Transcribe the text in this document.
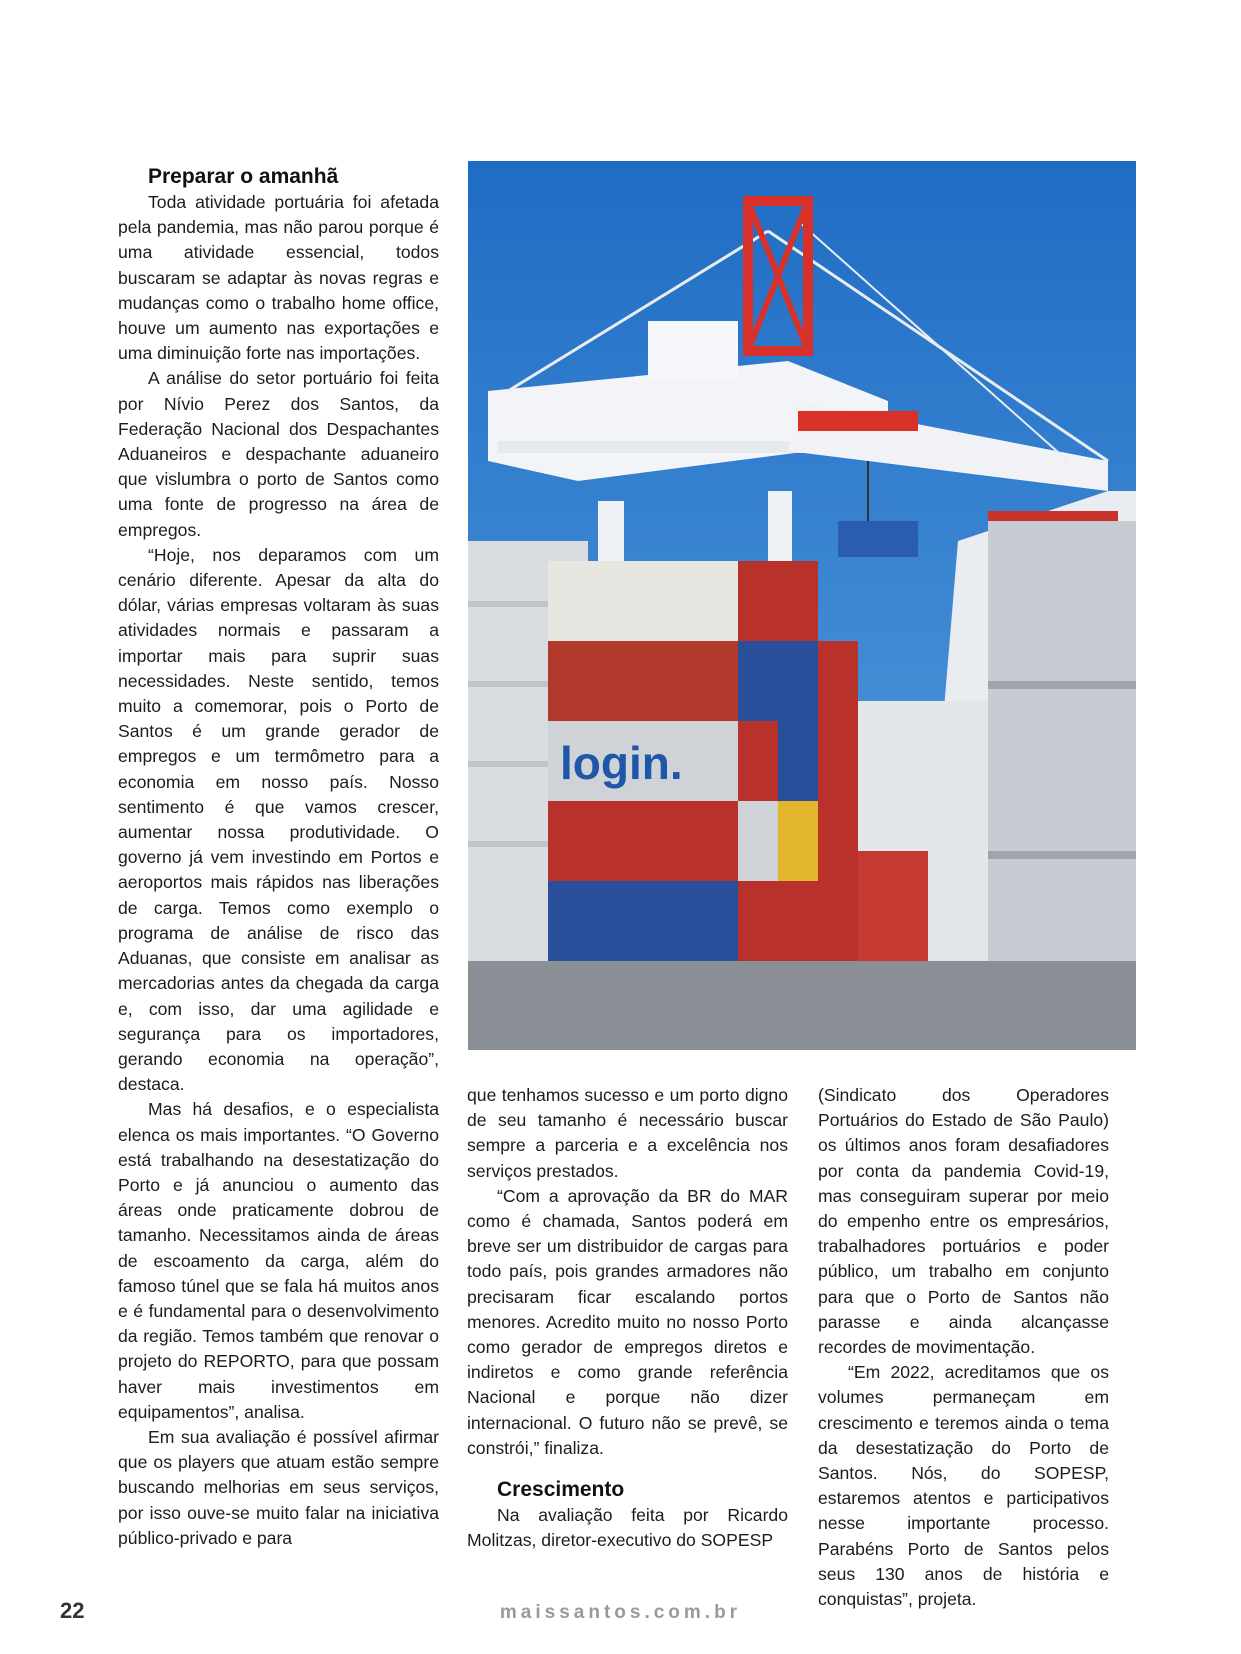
Preparar o amanhã

Toda atividade portuária foi afetada pela pandemia, mas não parou porque é uma atividade essencial, todos buscaram se adaptar às novas regras e mudanças como o trabalho home office, houve um aumento nas exportações e uma diminuição forte nas importações.

A análise do setor portuário foi feita por Nívio Perez dos Santos, da Federação Nacional dos Despachantes Aduaneiros e despachante aduaneiro que vislumbra o porto de Santos como uma fonte de progresso na área de empregos.

“Hoje, nos deparamos com um cenário diferente. Apesar da alta do dólar, várias empresas voltaram às suas atividades normais e passaram a importar mais para suprir suas necessidades. Neste sentido, temos muito a comemorar, pois o Porto de Santos é um grande gerador de empregos e um termômetro para a economia em nosso país. Nosso sentimento é que vamos crescer, aumentar nossa produtividade. O governo já vem investindo em Portos e aeroportos mais rápidos nas liberações de carga. Temos como exemplo o programa de análise de risco das Aduanas, que consiste em analisar as mercadorias antes da chegada da carga e, com isso, dar uma agilidade e segurança para os importadores, gerando economia na operação”, destaca.

Mas há desafios, e o especialista elenca os mais importantes. “O Governo está trabalhando na desestatização do Porto e já anunciou o aumento das áreas onde praticamente dobrou de tamanho. Necessitamos ainda de áreas de escoamento da carga, além do famoso túnel que se fala há muitos anos e é fundamental para o desenvolvimento da região. Temos também que renovar o projeto do REPORTO, para que possam haver mais investimentos em equipamentos”, analisa.

Em sua avaliação é possível afirmar que os players que atuam estão sempre buscando melhorias em seus serviços, por isso ouve-se muito falar na iniciativa público-privado e para

login.

que tenhamos sucesso e um porto digno de seu tamanho é necessário buscar sempre a parceria e a excelência nos serviços prestados.

“Com a aprovação da BR do MAR como é chamada, Santos poderá em breve ser um distribuidor de cargas para todo país, pois grandes armadores não precisaram ficar escalando portos menores. Acredito muito no nosso Porto como gerador de empregos diretos e indiretos e como grande referência Nacional e porque não dizer internacional. O futuro não se prevê, se constrói,” finaliza.

Crescimento

Na avaliação feita por Ricardo Molitzas, diretor-executivo do SOPESP

(Sindicato dos Operadores Portuários do Estado de São Paulo) os últimos anos foram desafiadores por conta da pandemia Covid-19, mas conseguiram superar por meio do empenho entre os empresários, trabalhadores portuários e poder público, um trabalho em conjunto para que o Porto de Santos não parasse e ainda alcançasse recordes de movimentação.

“Em 2022, acreditamos que os volumes permaneçam em crescimento e teremos ainda o tema da desestatização do Porto de Santos. Nós, do SOPESP, estaremos atentos e participativos nesse importante processo. Parabéns Porto de Santos pelos seus 130 anos de história e conquistas”, projeta.

22	maissantos.com.br
